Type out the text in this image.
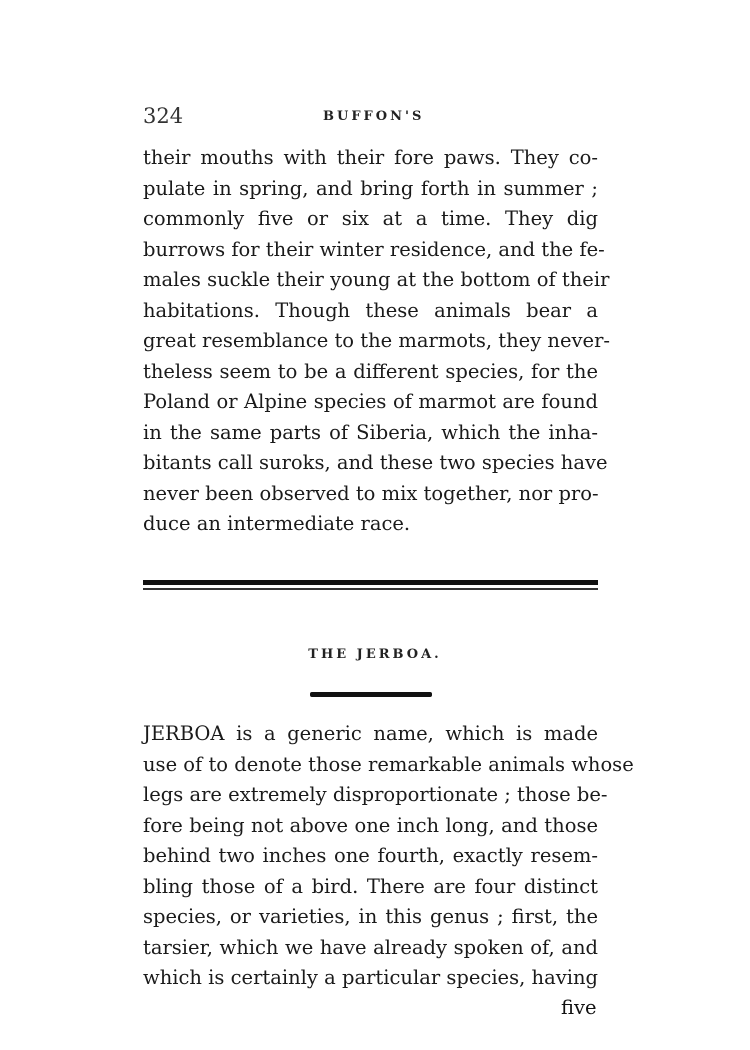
324	BUFFON'S

their mouths with their fore paws. They co-
pulate in spring, and bring forth in summer ;
commonly five or six at a time. They dig
burrows for their winter residence, and the fe-
males suckle their young at the bottom of their
habitations. Though these animals bear a
great resemblance to the marmots, they never-
theless seem to be a different species, for the
Poland or Alpine species of marmot are found
in the same parts of Siberia, which the inha-
bitants call suroks, and these two species have
never been observed to mix together, nor pro-
duce an intermediate race.

THE JERBOA.

JERBOA is a generic name, which is made
use of to denote those remarkable animals whose
legs are extremely disproportionate ; those be-
fore being not above one inch long, and those
behind two inches one fourth, exactly resem-
bling those of a bird. There are four distinct
species, or varieties, in this genus ; first, the
tarsier, which we have already spoken of, and
which is certainly a particular species, having

five
